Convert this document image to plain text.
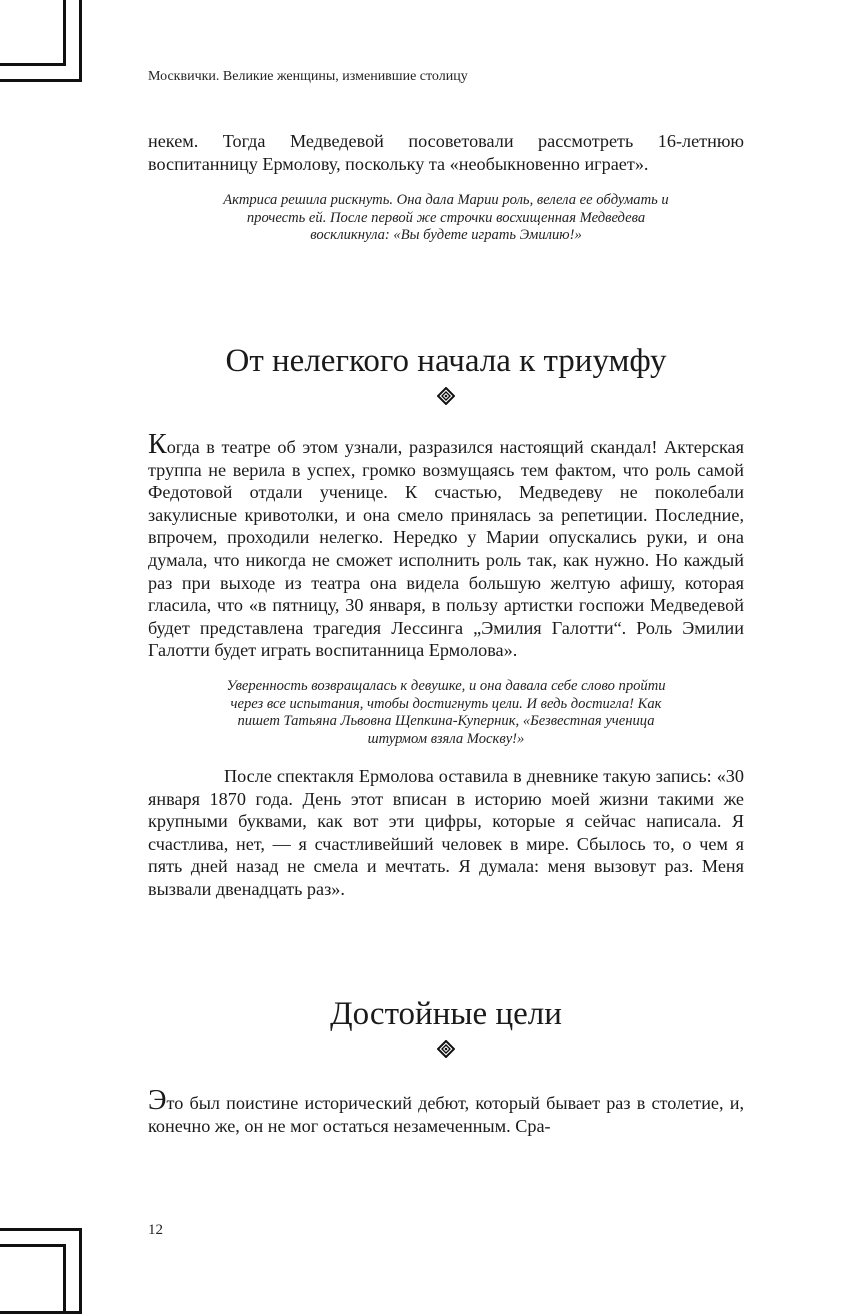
Москвички. Великие женщины, изменившие столицу

некем. Тогда Медведевой посоветовали рассмотреть 16-летнюю воспитанницу Ермолову, поскольку та «необыкновенно играет».

Актриса решила рискнуть. Она дала Марии роль, велела ее обдумать и прочесть ей. После первой же строчки восхищенная Медведева воскликнула: «Вы будете играть Эмилию!»

От нелегкого начала к триумфу

Когда в театре об этом узнали, разразился настоящий скандал! Актерская труппа не верила в успех, громко возмущаясь тем фактом, что роль самой Федотовой отдали ученице. К счастью, Медведеву не поколебали закулисные кривотолки, и она смело принялась за репетиции. Последние, впрочем, проходили нелегко. Нередко у Марии опускались руки, и она думала, что никогда не сможет исполнить роль так, как нужно. Но каждый раз при выходе из театра она видела большую желтую афишу, которая гласила, что «в пятницу, 30 января, в пользу артистки госпожи Медведевой будет представлена трагедия Лессинга „Эмилия Галотти“. Роль Эмилии Галотти будет играть воспитанница Ермолова».

Уверенность возвращалась к девушке, и она давала себе слово пройти через все испытания, чтобы достигнуть цели. И ведь достигла! Как пишет Татьяна Львовна Щепкина-Куперник, «Безвестная ученица штурмом взяла Москву!»

После спектакля Ермолова оставила в дневнике такую запись: «30 января 1870 года. День этот вписан в историю моей жизни такими же крупными буквами, как вот эти цифры, которые я сейчас написала. Я счастлива, нет, — я счастливейший человек в мире. Сбылось то, о чем я пять дней назад не смела и мечтать. Я думала: меня вызовут раз. Меня вызвали двенадцать раз».

Достойные цели

Это был поистине исторический дебют, который бывает раз в столетие, и, конечно же, он не мог остаться незамеченным. Сра-

12
